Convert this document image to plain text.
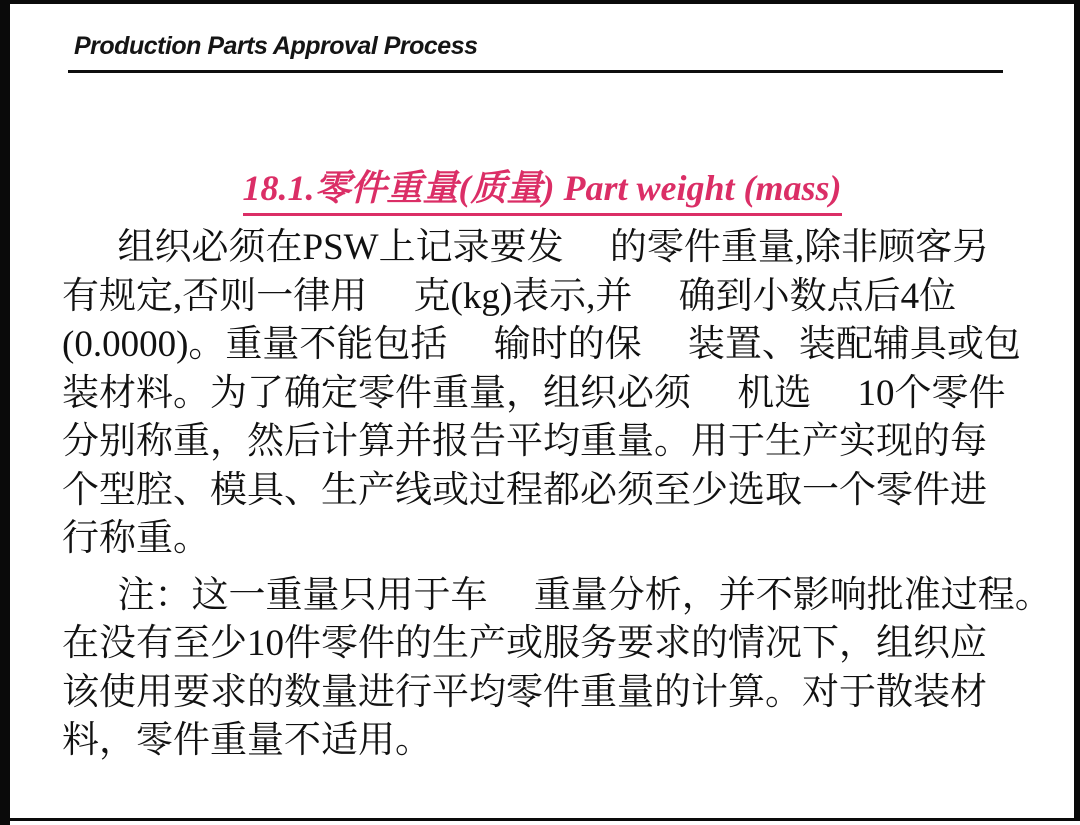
Production Parts Approval Process
18.1.零件重量(质量) Part weight (mass)
组织必须在PSW上记录要发　 的零件重量,除非顾客另
有规定,否则一律用　 克(kg)表示,并　 确到小数点后4位
(0.0000)。重量不能包括　 输时的保　 装置、装配辅具或包
装材料。为了确定零件重量，组织必须　 机选　 10个零件
分别称重，然后计算并报告平均重量。用于生产实现的每
个型腔、模具、生产线或过程都必须至少选取一个零件进
行称重。
注：这一重量只用于车　 重量分析，并不影响批准过程。
在没有至少10件零件的生产或服务要求的情况下，组织应
该使用要求的数量进行平均零件重量的计算。对于散装材
料，零件重量不适用。
